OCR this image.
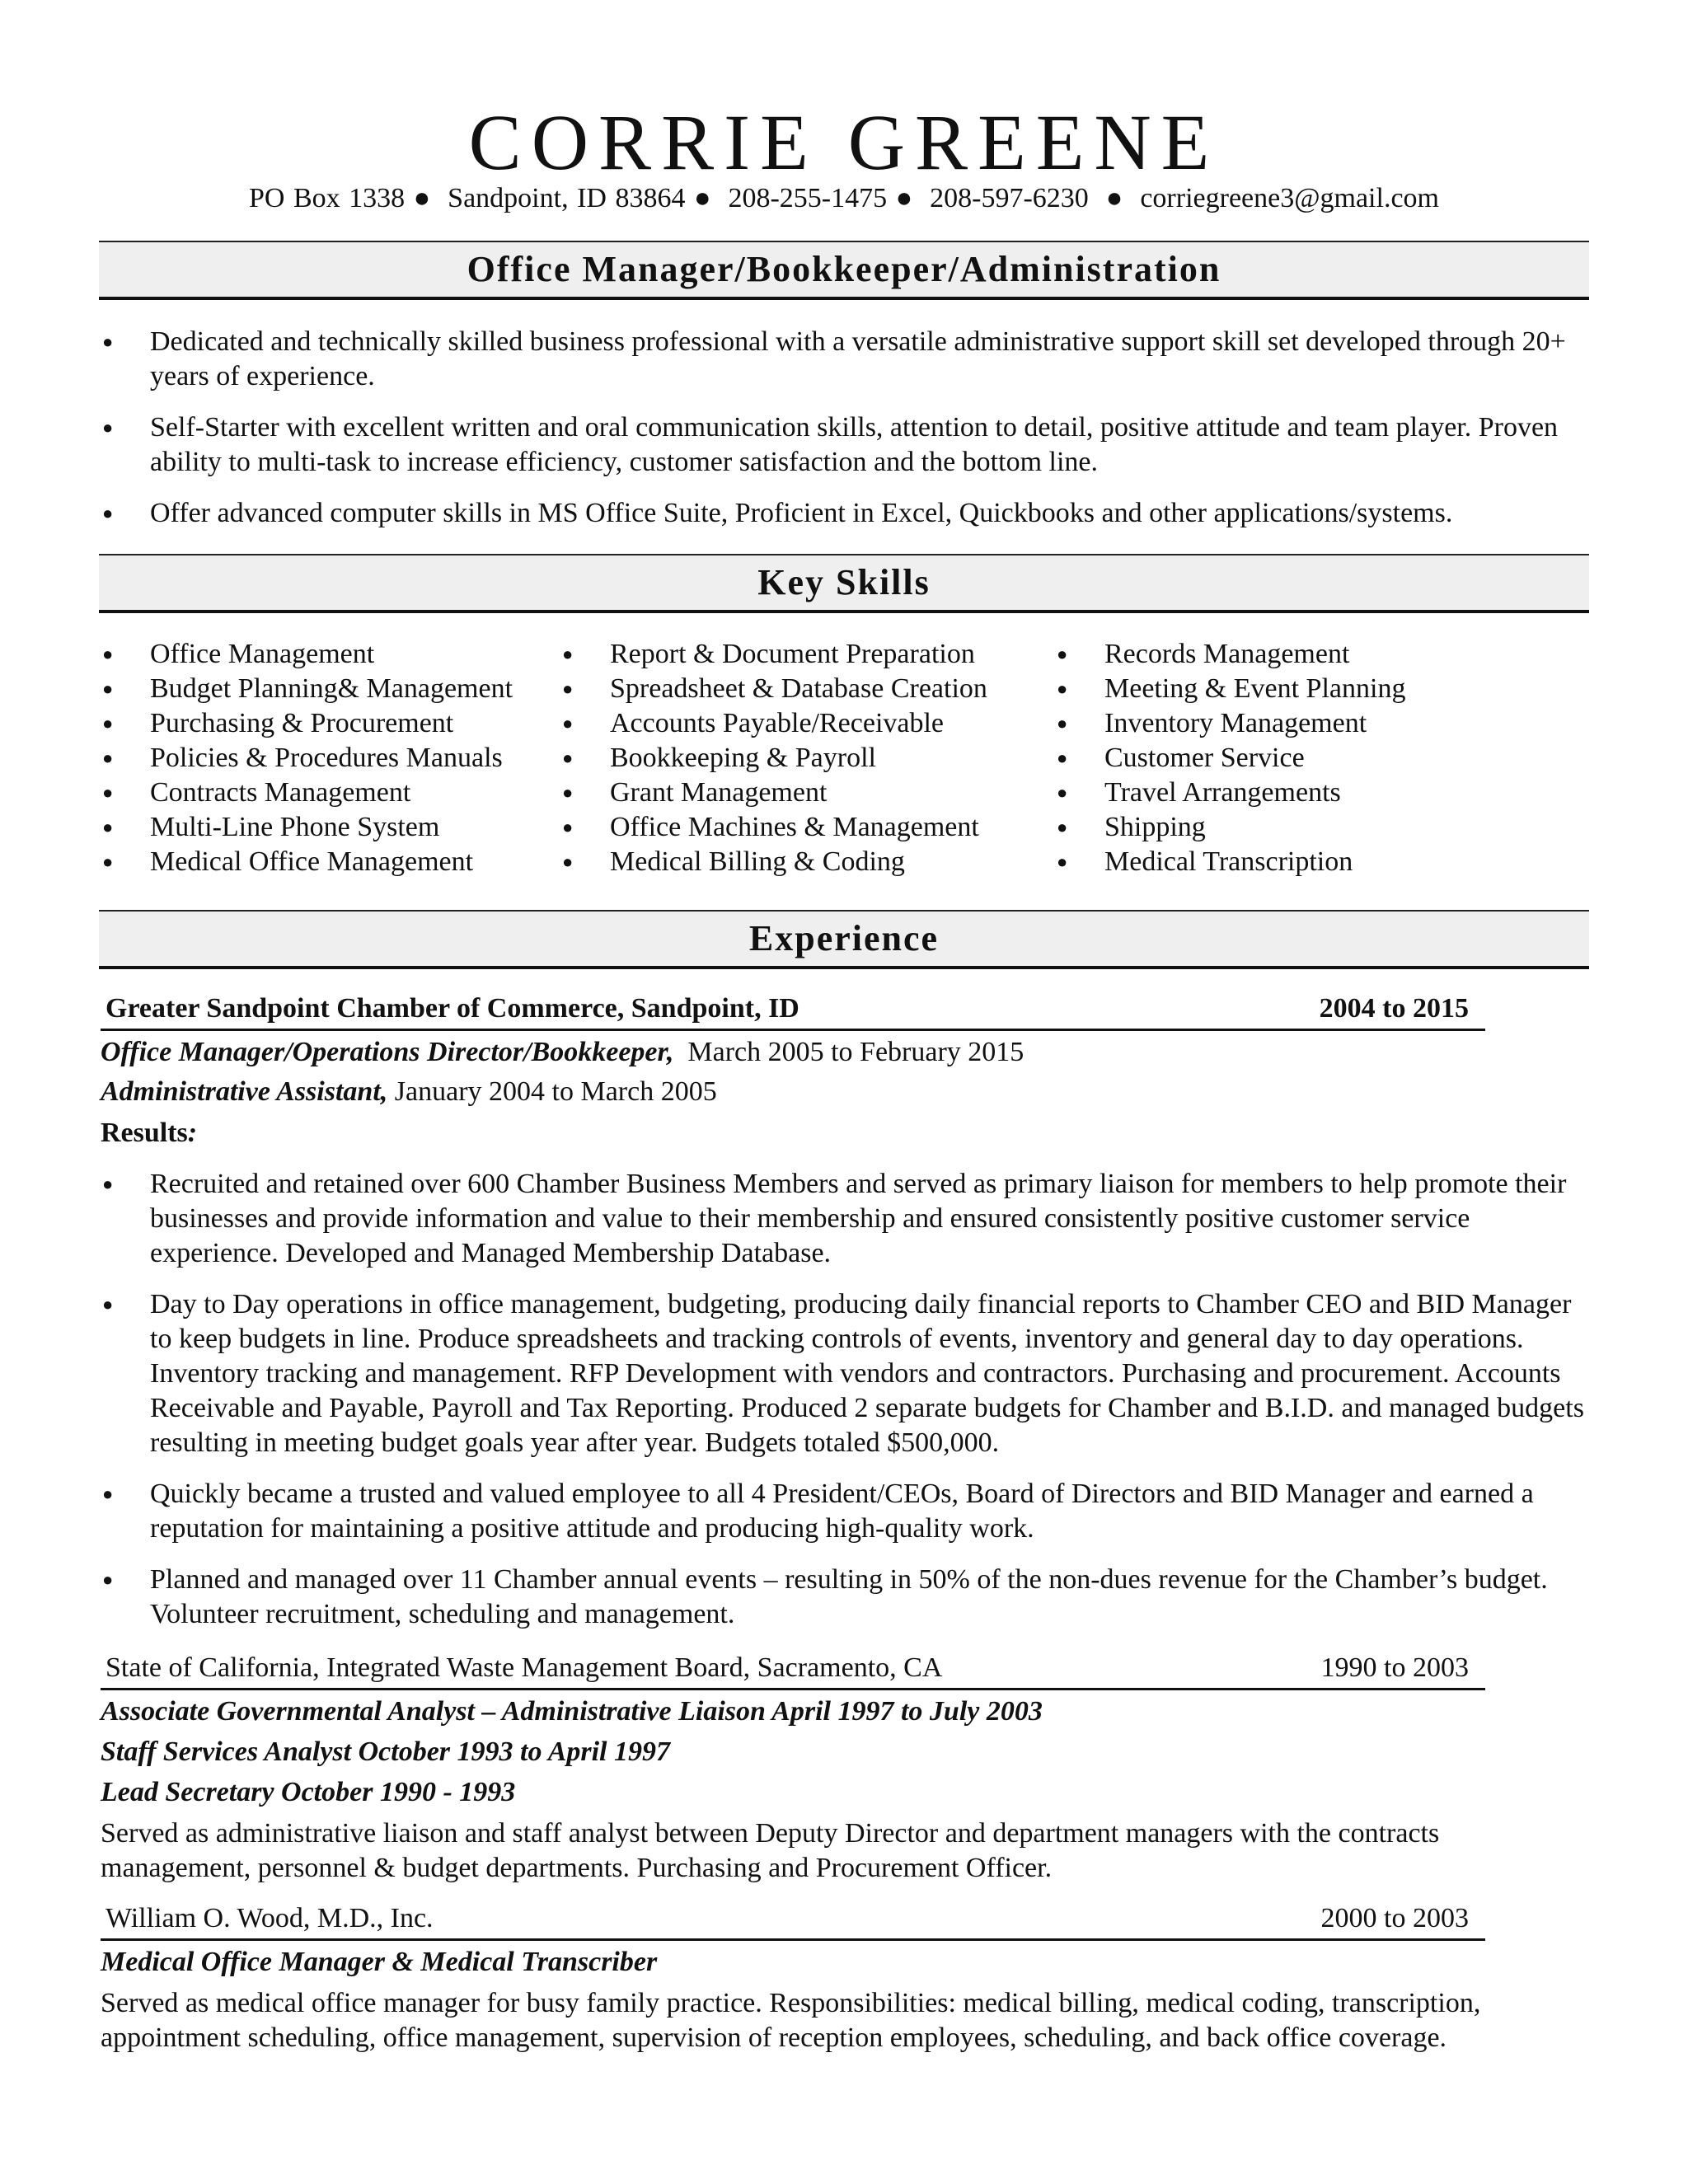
CORRIE GREENE
PO Box 1338 ●  Sandpoint, ID 83864 ●  208-255-1475 ●  208-597-6230  ●  corriegreene3@gmail.com
Office Manager/Bookkeeper/Administration
● Dedicated and technically skilled business professional with a versatile administrative support skill set developed through 20+ years of experience.
● Self-Starter with excellent written and oral communication skills, attention to detail, positive attitude and team player. Proven ability to multi-task to increase efficiency, customer satisfaction and the bottom line.
● Offer advanced computer skills in MS Office Suite, Proficient in Excel, Quickbooks and other applications/systems.
Key Skills
● Office Management
● Budget Planning& Management
● Purchasing & Procurement
● Policies & Procedures Manuals
● Contracts Management
● Multi-Line Phone System
● Medical Office Management
● Report & Document Preparation
● Spreadsheet & Database Creation
● Accounts Payable/Receivable
● Bookkeeping & Payroll
● Grant Management
● Office Machines & Management
● Medical Billing & Coding
● Records Management
● Meeting & Event Planning
● Inventory Management
● Customer Service
● Travel Arrangements
● Shipping
● Medical Transcription
Experience
Greater Sandpoint Chamber of Commerce, Sandpoint, ID	2004 to 2015
Office Manager/Operations Director/Bookkeeper,  March 2005 to February 2015
Administrative Assistant, January 2004 to March 2005
Results:
● Recruited and retained over 600 Chamber Business Members and served as primary liaison for members to help promote their businesses and provide information and value to their membership and ensured consistently positive customer service experience. Developed and Managed Membership Database.
● Day to Day operations in office management, budgeting, producing daily financial reports to Chamber CEO and BID Manager to keep budgets in line. Produce spreadsheets and tracking controls of events, inventory and general day to day operations. Inventory tracking and management. RFP Development with vendors and contractors. Purchasing and procurement. Accounts Receivable and Payable, Payroll and Tax Reporting. Produced 2 separate budgets for Chamber and B.I.D. and managed budgets resulting in meeting budget goals year after year. Budgets totaled $500,000.
● Quickly became a trusted and valued employee to all 4 President/CEOs, Board of Directors and BID Manager and earned a reputation for maintaining a positive attitude and producing high-quality work.
● Planned and managed over 11 Chamber annual events – resulting in 50% of the non-dues revenue for the Chamber’s budget. Volunteer recruitment, scheduling and management.
State of California, Integrated Waste Management Board, Sacramento, CA	1990 to 2003
Associate Governmental Analyst – Administrative Liaison April 1997 to July 2003
Staff Services Analyst October 1993 to April 1997
Lead Secretary October 1990 - 1993
Served as administrative liaison and staff analyst between Deputy Director and department managers with the contracts management, personnel & budget departments. Purchasing and Procurement Officer.
William O. Wood, M.D., Inc.	2000 to 2003
Medical Office Manager & Medical Transcriber
Served as medical office manager for busy family practice. Responsibilities: medical billing, medical coding, transcription, appointment scheduling, office management, supervision of reception employees, scheduling, and back office coverage.
